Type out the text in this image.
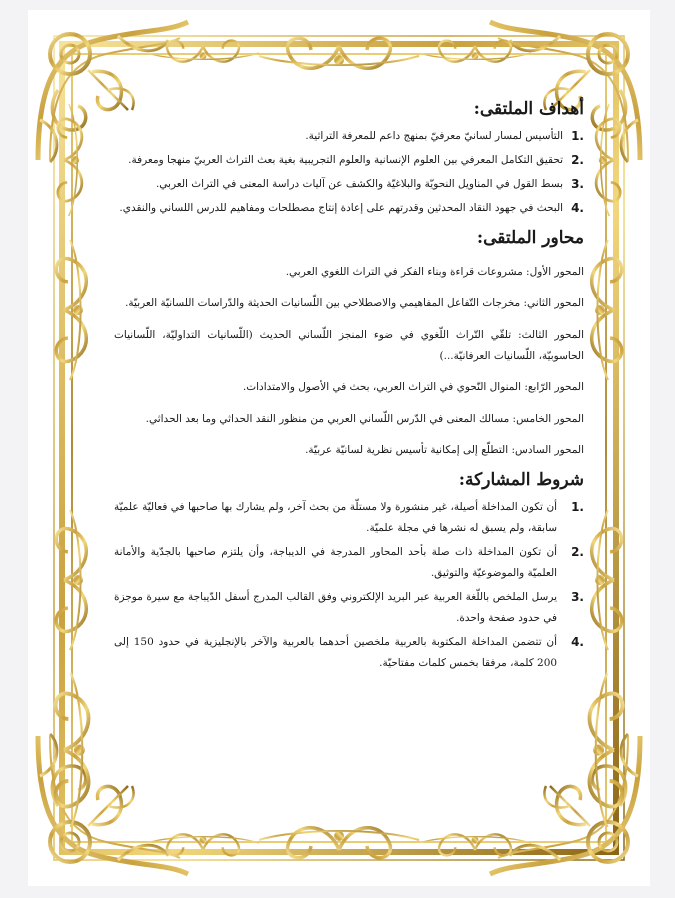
أهداف الملتقى:
1.
التأسيس لمسار لسانيّ معرفيّ بمنهج داعم للمعرفة التراثية.
2.
تحقيق التكامل المعرفي بين العلوم الإنسانية والعلوم التجريبية بغية بعث التراث العربيّ منهجا ومعرفة.
3.
بسط القول في المناويل النحويّة والبلاغيّة والكشف عن آليات دراسة المعنى في التراث العربي.
4.
البحث في جهود النقاد المحدثين وقدرتهم على إعادة إنتاج مصطلحات ومفاهيم للدرس اللساني والنقدي.
محاور الملتقى:

المحور الأول: مشروعات قراءة وبناء الفكر في التراث اللغوي العربي.

المحور الثاني: مخرجات التّفاعل المفاهيمي والاصطلاحي بين اللّسانيات الحديثة والدّراسات اللسانيّة العربيّة.

المحور الثالث: تلقّي التّراث اللّغوي في ضوء المنجز اللّساني الحديث (اللّسانيات التداوليّة، اللّسانيات الحاسوبيّة، اللّسانيات العرفانيّة...)

المحور الرّابع: المنوال النّحوي في التراث العربي، بحث في الأصول والامتدادات.

المحور الخامس: مسالك المعنى في الدّرس اللّساني العربي من منظور النقد الحداثي وما بعد الحداثي.

المحور السادس: التطلّع إلى إمكانية تأسيس نظرية لسانيّة عربيّة.

شروط المشاركة:
1.
أن تكون المداخلة أصيلة، غير منشورة ولا مستلّة من بحث آخر، ولم يشارك بها صاحبها في فعاليّة علميّة سابقة، ولم يسبق له نشرها في مجلة علميّة.
2.
أن تكون المداخلة ذات صلة بأحد المحاور المدرجة في الديباجة، وأن يلتزم صاحبها بالجدّية والأمانة العلميّة والموضوعيّة والتوثيق.
3.
يرسل الملخص باللّغة العربية عبر البريد الإلكتروني وفق القالب المدرج أسفل الدّيباجة مع سيرة موجزة في حدود صفحة واحدة.
4.
أن تتضمن المداخلة المكتوبة بالعربية ملخصين أحدهما بالعربية والآخر بالإنجليزية في حدود 150 إلى 200 كلمة، مرفقا بخمس كلمات مفتاحيّة.
